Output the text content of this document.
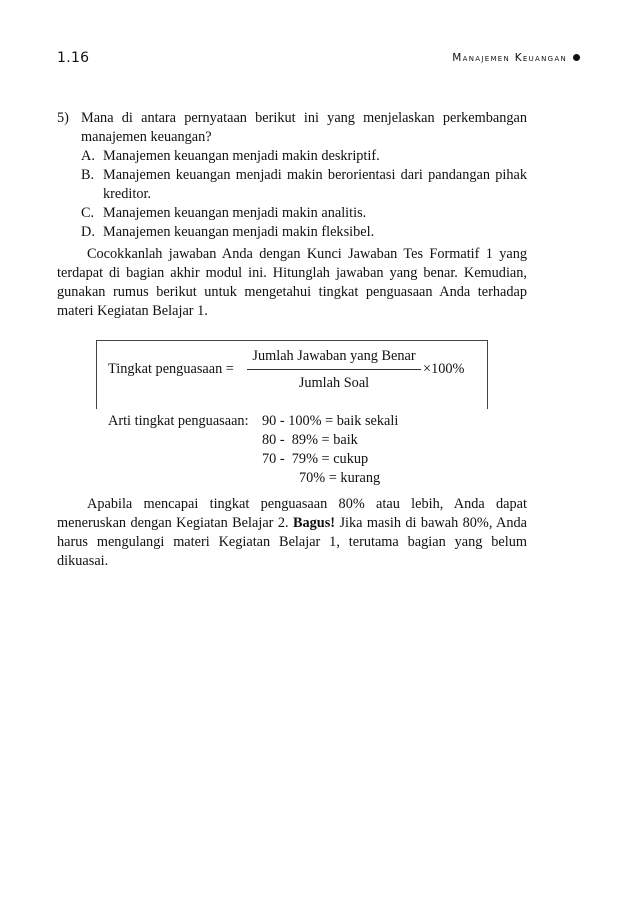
1.16	Manajemen Keuangan
5) Mana di antara pernyataan berikut ini yang menjelaskan perkembangan manajemen keuangan?
A. Manajemen keuangan menjadi makin deskriptif.
B. Manajemen keuangan menjadi makin berorientasi dari pandangan pihak kreditor.
C. Manajemen keuangan menjadi makin analitis.
D. Manajemen keuangan menjadi makin fleksibel.
Cocokkanlah jawaban Anda dengan Kunci Jawaban Tes Formatif 1 yang terdapat di bagian akhir modul ini. Hitunglah jawaban yang benar. Kemudian, gunakan rumus berikut untuk mengetahui tingkat penguasaan Anda terhadap materi Kegiatan Belajar 1.
Tingkat penguasaan =
Jumlah Jawaban yang Benar
Jumlah Soal
×100%
Arti tingkat penguasaan: 90 - 100% = baik sekali
80 -  89% = baik
70 -  79% = cukup
70% = kurang
Apabila mencapai tingkat penguasaan 80% atau lebih, Anda dapat meneruskan dengan Kegiatan Belajar 2. Bagus! Jika masih di bawah 80%, Anda harus mengulangi materi Kegiatan Belajar 1, terutama bagian yang belum dikuasai.
